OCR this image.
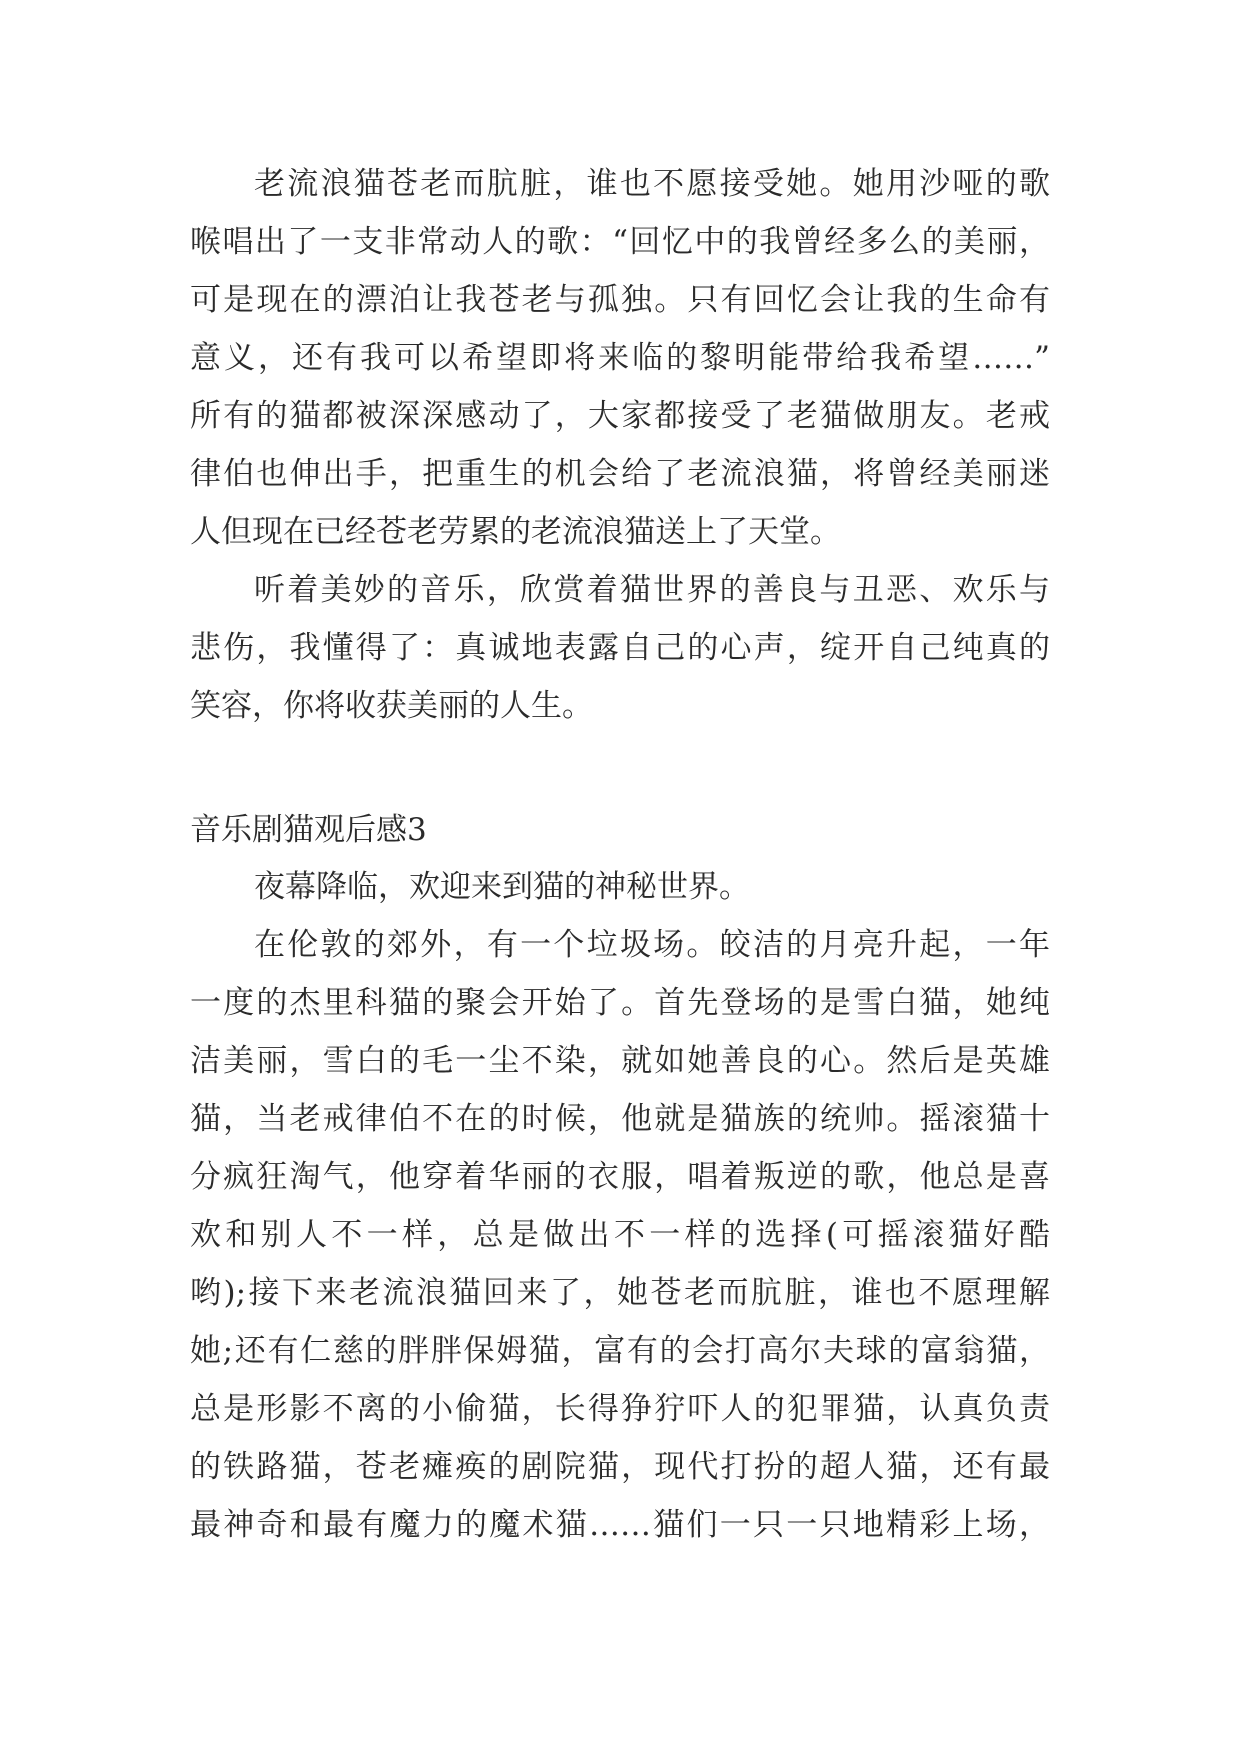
老流浪猫苍老而肮脏，谁也不愿接受她。她用沙哑的歌
喉唱出了一支非常动人的歌：“回忆中的我曾经多么的美丽，
可是现在的漂泊让我苍老与孤独。只有回忆会让我的生命有
意义，还有我可以希望即将来临的黎明能带给我希望……”
所有的猫都被深深感动了，大家都接受了老猫做朋友。老戒
律伯也伸出手，把重生的机会给了老流浪猫，将曾经美丽迷
人但现在已经苍老劳累的老流浪猫送上了天堂。
听着美妙的音乐，欣赏着猫世界的善良与丑恶、欢乐与
悲伤，我懂得了：真诚地表露自己的心声，绽开自己纯真的
笑容，你将收获美丽的人生。
音乐剧猫观后感3
夜幕降临，欢迎来到猫的神秘世界。
在伦敦的郊外，有一个垃圾场。皎洁的月亮升起，一年
一度的杰里科猫的聚会开始了。首先登场的是雪白猫，她纯
洁美丽，雪白的毛一尘不染，就如她善良的心。然后是英雄
猫，当老戒律伯不在的时候，他就是猫族的统帅。摇滚猫十
分疯狂淘气，他穿着华丽的衣服，唱着叛逆的歌，他总是喜
欢和别人不一样，总是做出不一样的选择(可摇滚猫好酷
哟);接下来老流浪猫回来了，她苍老而肮脏，谁也不愿理解
她;还有仁慈的胖胖保姆猫，富有的会打高尔夫球的富翁猫，
总是形影不离的小偷猫，长得狰狞吓人的犯罪猫，认真负责
的铁路猫，苍老瘫痪的剧院猫，现代打扮的超人猫，还有最
最神奇和最有魔力的魔术猫……猫们一只一只地精彩上场，
